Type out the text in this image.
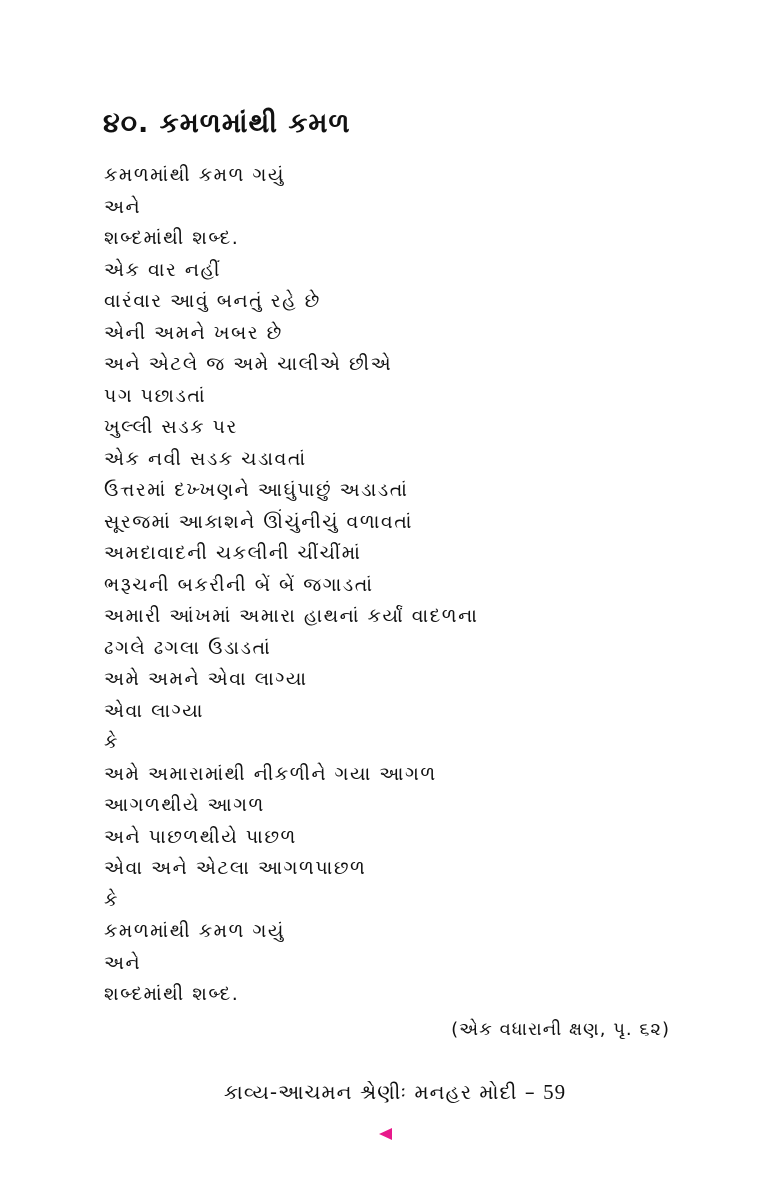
૪૦. કમળમાંથી કમળ
કમળમાંથી કમળ ગયું
અને
શબ્દમાંથી શબ્દ.
એક વાર નહીં
વારંવાર આવું બનતું રહે છે
એની અમને ખબર છે
અને એટલે જ અમે ચાલીએ છીએ
પગ પછાડતાં
ખુલ્લી સડક પર
એક નવી સડક ચડાવતાં
ઉત્તરમાં દખ્ખણને આઘુંપાછું અડાડતાં
સૂરજમાં આકાશને ઊંચુંનીચું વળાવતાં
અમદાવાદની ચકલીની ચીંચીંમાં
ભરૂચની બકરીની બેં બેં જગાડતાં
અમારી આંખમાં અમારા હાથનાં કર્યાં વાદળના
ઢગલે ઢગલા ઉડાડતાં
અમે અમને એવા લાગ્યા
એવા લાગ્યા
કે
અમે અમારામાંથી નીકળીને ગયા આગળ
આગળથીયે આગળ
અને પાછળથીયે પાછળ
એવા અને એટલા આગળપાછળ
કે
કમળમાંથી કમળ ગયું
અને
શબ્દમાંથી શબ્દ.
(એક વધારાની ક્ષણ, પૃ. ૬૨)
કાવ્ય-આચમન શ્રેણીઃ મનહર મોદી – 59
